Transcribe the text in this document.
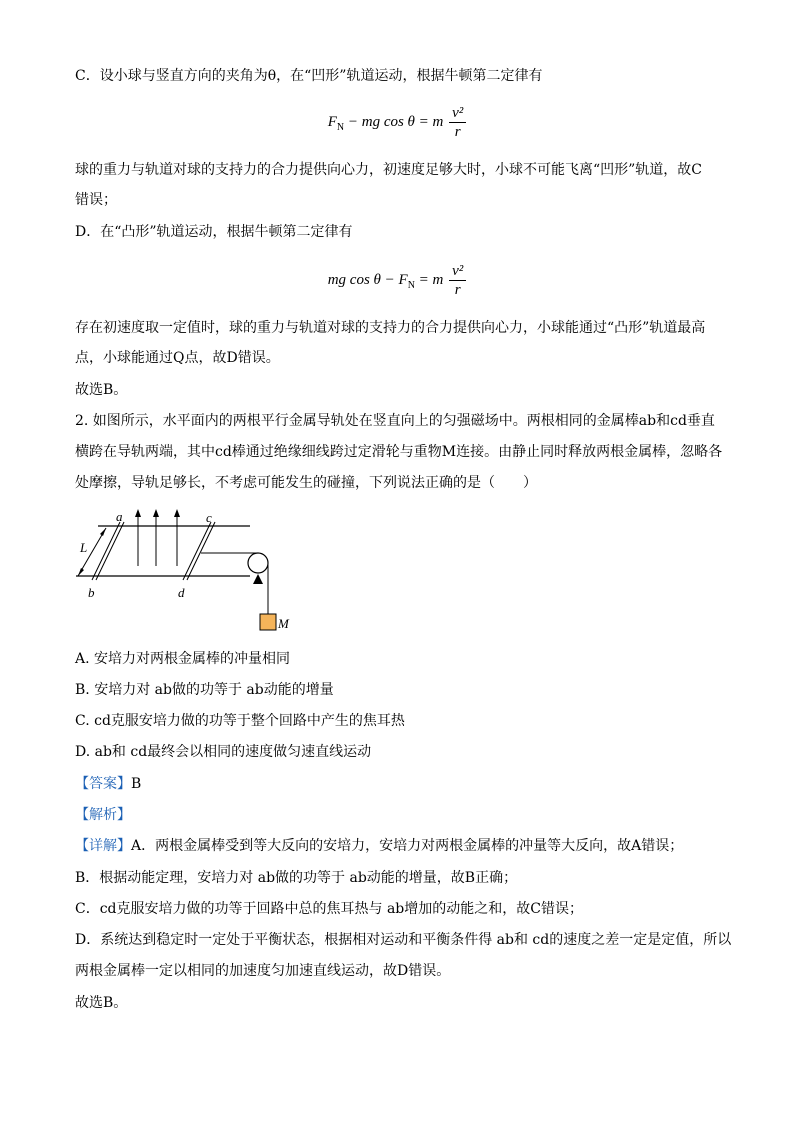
C．设小球与竖直方向的夹角为θ，在“凹形”轨道运动，根据牛顿第二定律有
$F_N$ − mg cos θ = m $\frac{\text{v²}}{r}$
球的重力与轨道对球的支持力的合力提供向心力，初速度足够大时，小球不可能飞离“凹形”轨道，故C
错误；
D．在“凸形”轨道运动，根据牛顿第二定律有
mg $\cos \theta - F_N = m \frac{\text{v²}}{r}$
存在初速度取一定值时，球的重力与轨道对球的支持力的合力提供向心力，小球能通过“凸形”轨道最高
点，小球能通过Q点，故D错误。
故选B。
2. 如图所示，水平面内的两根平行金属导轨处在竖直向上的匀强磁场中。两根相同的金属棒ab和cd垂直
横跨在导轨两端，其中cd棒通过绝缘细线跨过定滑轮与重物M连接。由静止同时释放两根金属棒，忽略各
处摩擦，导轨足够长，不考虑可能发生的碰撞，下列说法正确的是（　　）
a	c
b	d
L
M
A. 安培力对两根金属棒的冲量相同
B. 安培力对 ab做的功等于 ab动能的增量
C. cd克服安培力做的功等于整个回路中产生的焦耳热
D. ab和 cd最终会以相同的速度做匀速直线运动
【答案】B
【解析】
【详解】A．两根金属棒受到等大反向的安培力，安培力对两根金属棒的冲量等大反向，故A错误；
B．根据动能定理，安培力对 ab做的功等于 ab动能的增量，故B正确；
C．cd克服安培力做的功等于回路中总的焦耳热与 ab增加的动能之和，故C错误；
D．系统达到稳定时一定处于平衡状态，根据相对运动和平衡条件得 ab和 cd的速度之差一定是定值，所以
两根金属棒一定以相同的加速度匀加速直线运动，故D错误。
故选B。
